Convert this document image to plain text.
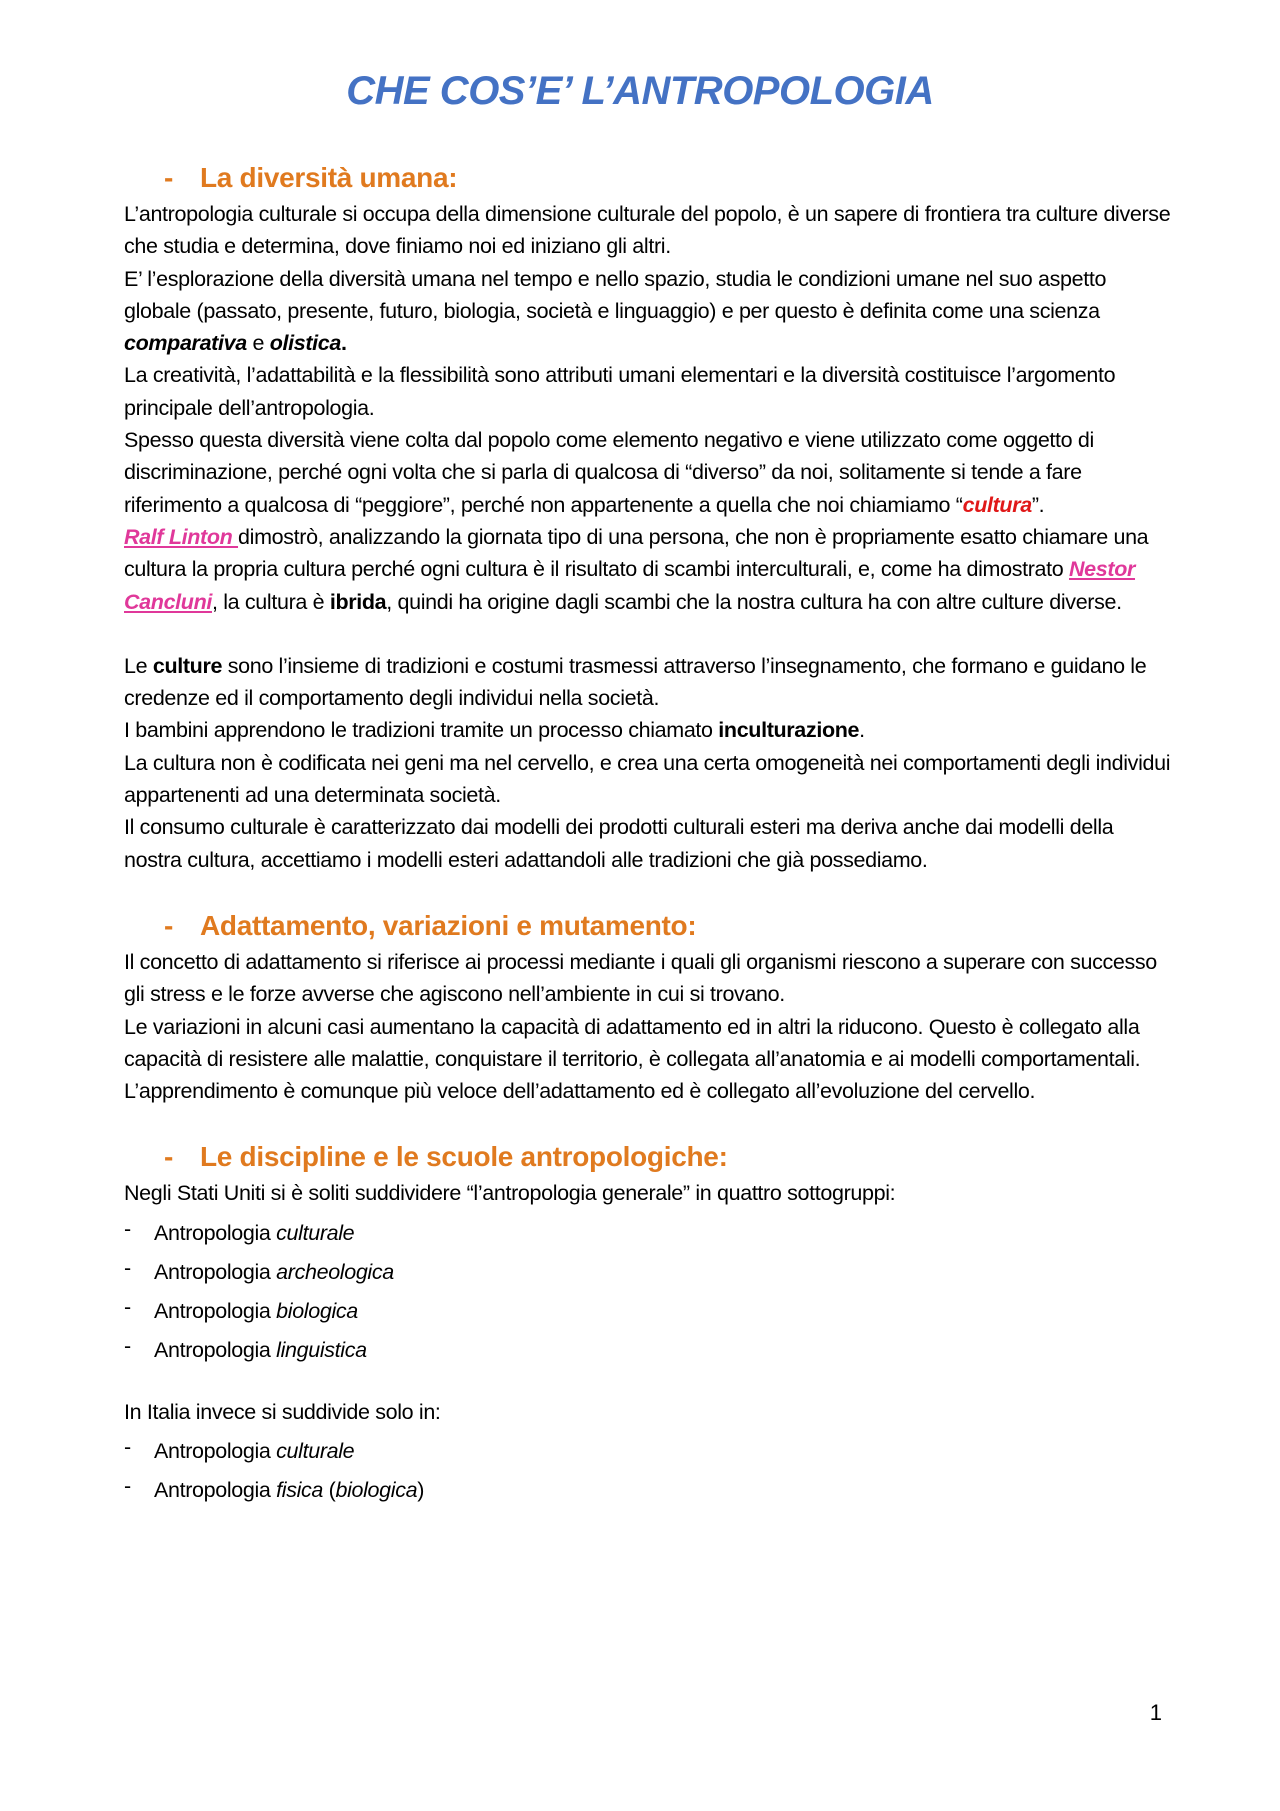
CHE COS’E’ L’ANTROPOLOGIA
- La diversità umana:

L’antropologia culturale si occupa della dimensione culturale del popolo, è un sapere di frontiera tra culture diverse che studia e determina, dove finiamo noi ed iniziano gli altri.

E’ l’esplorazione della diversità umana nel tempo e nello spazio, studia le condizioni umane nel suo aspetto globale (passato, presente, futuro, biologia, società e linguaggio) e per questo è definita come una scienza comparativa e olistica.

La creatività, l’adattabilità e la flessibilità sono attributi umani elementari e la diversità costituisce l’argomento principale dell’antropologia.

Spesso questa diversità viene colta dal popolo come elemento negativo e viene utilizzato come oggetto di discriminazione, perché ogni volta che si parla di qualcosa di “diverso” da noi, solitamente si tende a fare riferimento a qualcosa di “peggiore”, perché non appartenente a quella che noi chiamiamo “cultura”.

Ralf Linton dimostrò, analizzando la giornata tipo di una persona, che non è propriamente esatto chiamare una cultura la propria cultura perché ogni cultura è il risultato di scambi interculturali, e, come ha dimostrato Nestor Cancluni, la cultura è ibrida, quindi ha origine dagli scambi che la nostra cultura ha con altre culture diverse.

Le culture sono l’insieme di tradizioni e costumi trasmessi attraverso l’insegnamento, che formano e guidano le credenze ed il comportamento degli individui nella società.

I bambini apprendono le tradizioni tramite un processo chiamato inculturazione.

La cultura non è codificata nei geni ma nel cervello, e crea una certa omogeneità nei comportamenti degli individui appartenenti ad una determinata società.

Il consumo culturale è caratterizzato dai modelli dei prodotti culturali esteri ma deriva anche dai modelli della nostra cultura, accettiamo i modelli esteri adattandoli alle tradizioni che già possediamo.

- Adattamento, variazioni e mutamento:

Il concetto di adattamento si riferisce ai processi mediante i quali gli organismi riescono a superare con successo gli stress e le forze avverse che agiscono nell’ambiente in cui si trovano.

Le variazioni in alcuni casi aumentano la capacità di adattamento ed in altri la riducono. Questo è collegato alla capacità di resistere alle malattie, conquistare il territorio, è collegata all’anatomia e ai modelli comportamentali.

L’apprendimento è comunque più veloce dell’adattamento ed è collegato all’evoluzione del cervello.

- Le discipline e le scuole antropologiche:

Negli Stati Uniti si è soliti suddividere “l’antropologia generale” in quattro sottogruppi:

- Antropologia culturale
- Antropologia archeologica
- Antropologia biologica
- Antropologia linguistica

In Italia invece si suddivide solo in:

- Antropologia culturale
- Antropologia fisica (biologica)
1
